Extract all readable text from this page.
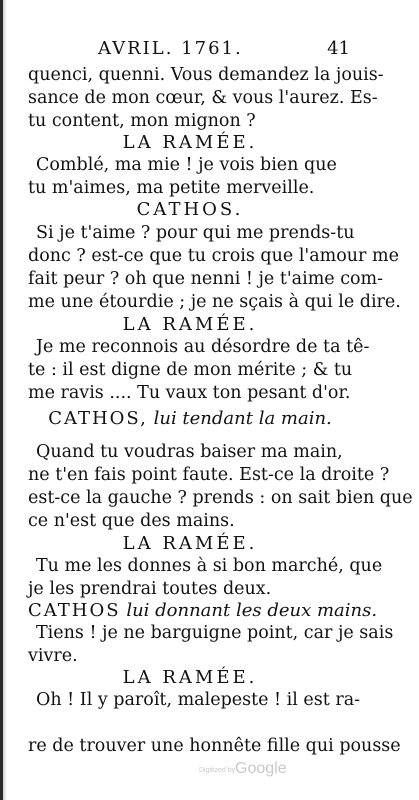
AVRIL. 1761.	41
quenci, quenni. Vous demandez la jouis-
sance de mon cœur, & vous l'aurez. Es-
tu content, mon mignon ?
LA RAMÉE.
Comblé, ma mie ! je vois bien que
tu m'aimes, ma petite merveille.
CATHOS.
Si je t'aime ? pour qui me prends-tu
donc ? est-ce que tu crois que l'amour me
fait peur ? oh que nenni ! je t'aime com-
me une étourdie ; je ne sçais à qui le dire.
LA RAMÉE.
Je me reconnois au désordre de ta tê-
te : il est digne de mon mérite ; & tu
me ravis .... Tu vaux ton pesant d'or.
CATHOS, lui tendant la main.
Quand tu voudras baiser ma main,
ne t'en fais point faute. Est-ce la droite ?
est-ce la gauche ? prends : on sait bien que
ce n'est que des mains.
LA RAMÉE.
Tu me les donnes à si bon marché, que
je les prendrai toutes deux.
CATHOS lui donnant les deux mains.
Tiens ! je ne barguigne point, car je sais
vivre.
LA RAMÉE.
Oh ! Il y paroît, malepeste ! il est ra-
re de trouver une honnête fille qui pousse
Digitized by Google
